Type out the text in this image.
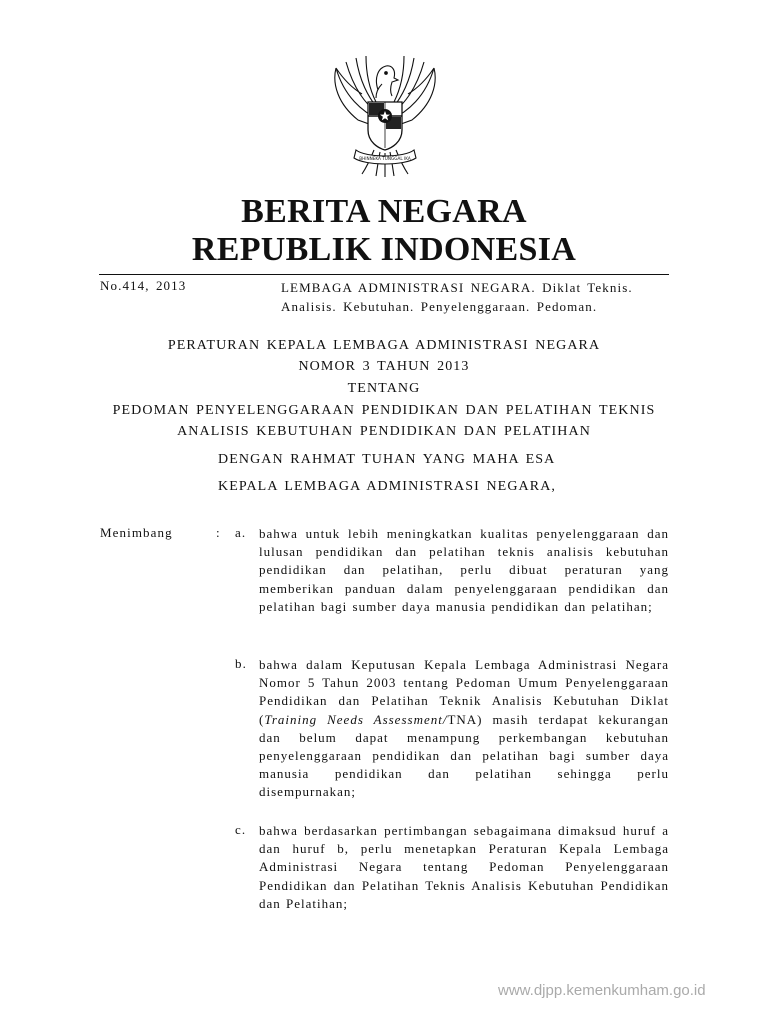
BHINNEKA TUNGGAL IKA
BERITA NEGARA
REPUBLIK INDONESIA
No.414, 2013	LEMBAGA ADMINISTRASI NEGARA. Diklat Teknis.
Analisis. Kebutuhan. Penyelenggaraan. Pedoman.
PERATURAN KEPALA LEMBAGA ADMINISTRASI NEGARA
NOMOR 3 TAHUN 2013
TENTANG
PEDOMAN PENYELENGGARAAN PENDIDIKAN DAN PELATIHAN TEKNIS
ANALISIS KEBUTUHAN PENDIDIKAN DAN PELATIHAN
DENGAN RAHMAT TUHAN YANG MAHA ESA
KEPALA LEMBAGA ADMINISTRASI NEGARA,
Menimbang	: a. bahwa untuk lebih meningkatkan kualitas penyelenggaraan dan lulusan pendidikan dan pelatihan teknis analisis kebutuhan pendidikan dan pelatihan, perlu dibuat peraturan yang memberikan panduan dalam penyelenggaraan pendidikan dan pelatihan bagi sumber daya manusia pendidikan dan pelatihan;
b. bahwa dalam Keputusan Kepala Lembaga Administrasi Negara Nomor 5 Tahun 2003 tentang Pedoman Umum Penyelenggaraan Pendidikan dan Pelatihan Teknik Analisis Kebutuhan Diklat (Training Needs Assessment/TNA) masih terdapat kekurangan dan belum dapat menampung perkembangan kebutuhan penyelenggaraan pendidikan dan pelatihan bagi sumber daya manusia pendidikan dan pelatihan sehingga perlu disempurnakan;
c. bahwa berdasarkan pertimbangan sebagaimana dimaksud huruf a dan huruf b, perlu menetapkan Peraturan Kepala Lembaga Administrasi Negara tentang Pedoman Penyelenggaraan Pendidikan dan Pelatihan Teknis Analisis Kebutuhan Pendidikan dan Pelatihan;
www.djpp.kemenkumham.go.id
